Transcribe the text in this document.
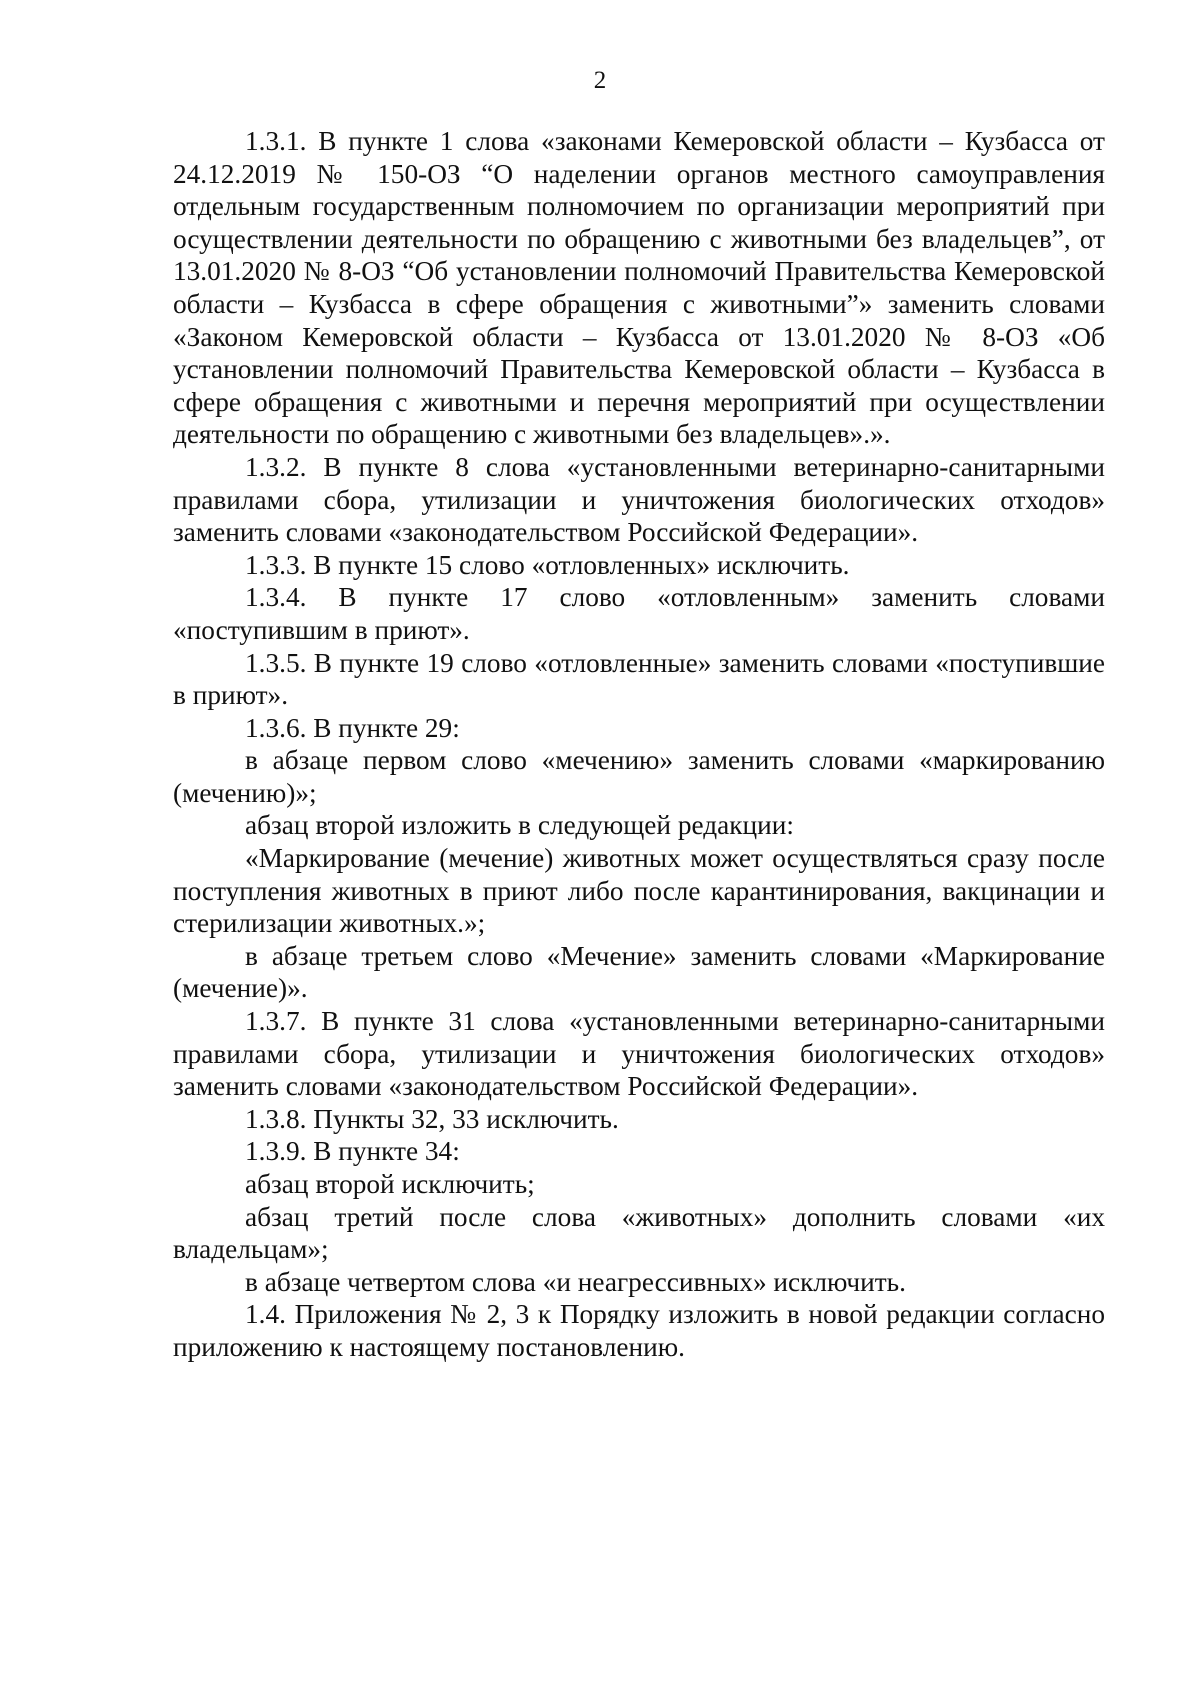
2

1.3.1. В пункте 1 слова «законами Кемеровской области – Кузбасса от 24.12.2019 № 150-ОЗ “О наделении органов местного самоуправления отдельным государственным полномочием по организации мероприятий при осуществлении деятельности по обращению с животными без владельцев”, от 13.01.2020 № 8-ОЗ “Об установлении полномочий Правительства Кемеровской области – Кузбасса в сфере обращения с животными”» заменить словами «Законом Кемеровской области – Кузбасса от 13.01.2020 № 8-ОЗ «Об установлении полномочий Правительства Кемеровской области – Кузбасса в сфере обращения с животными и перечня мероприятий при осуществлении деятельности по обращению с животными без владельцев».».

1.3.2. В пункте 8 слова «установленными ветеринарно-санитарными правилами сбора, утилизации и уничтожения биологических отходов» заменить словами «законодательством Российской Федерации».

1.3.3. В пункте 15 слово «отловленных» исключить.

1.3.4. В пункте 17 слово «отловленным» заменить словами «поступившим в приют».

1.3.5. В пункте 19 слово «отловленные» заменить словами «поступившие в приют».

1.3.6. В пункте 29:

в абзаце первом слово «мечению» заменить словами «маркированию (мечению)»;

абзац второй изложить в следующей редакции:

«Маркирование (мечение) животных может осуществляться сразу после поступления животных в приют либо после карантинирования, вакцинации и стерилизации животных.»;

в абзаце третьем слово «Мечение» заменить словами «Маркирование (мечение)».

1.3.7. В пункте 31 слова «установленными ветеринарно-санитарными правилами сбора, утилизации и уничтожения биологических отходов» заменить словами «законодательством Российской Федерации».

1.3.8. Пункты 32, 33 исключить.

1.3.9. В пункте 34:

абзац второй исключить;

абзац третий после слова «животных» дополнить словами «их владельцам»;

в абзаце четвертом слова «и неагрессивных» исключить.

1.4. Приложения № 2, 3 к Порядку изложить в новой редакции согласно приложению к настоящему постановлению.
